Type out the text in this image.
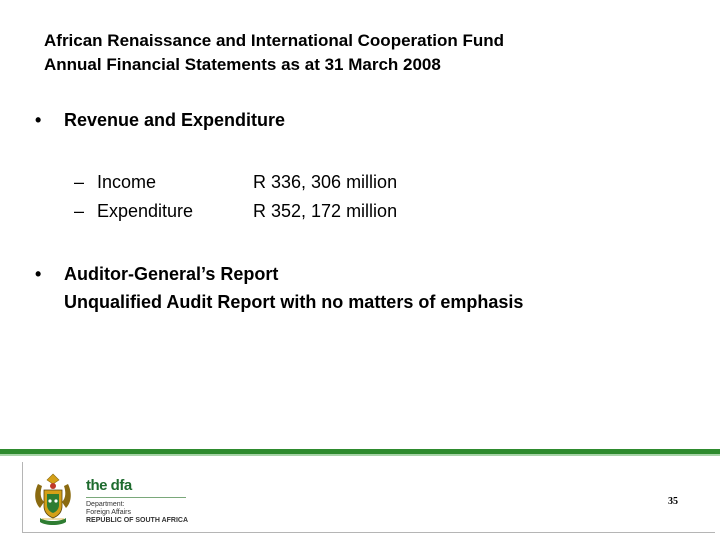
African Renaissance and International Cooperation Fund
Annual Financial Statements as at 31 March 2008
• Revenue and Expenditure
– Income	R 336, 306 million
– Expenditure	R 352, 172 million
• Auditor-General’s Report
Unqualified Audit Report with no matters of emphasis
the dfa
Department:
Foreign Affairs
REPUBLIC OF SOUTH AFRICA
35
